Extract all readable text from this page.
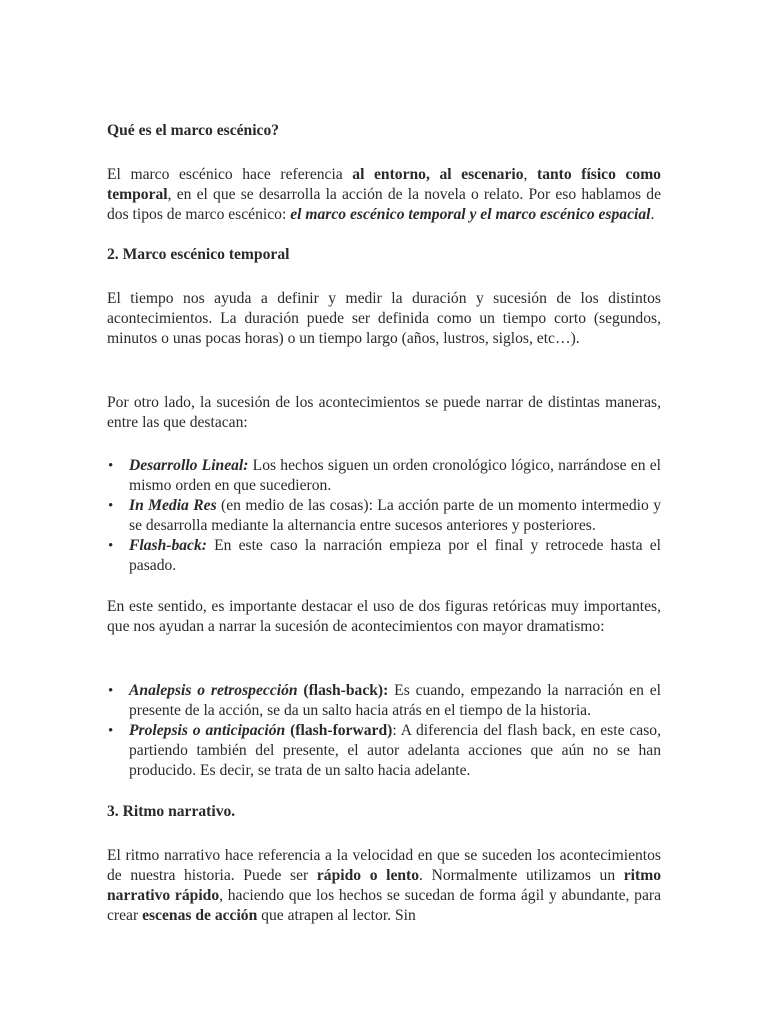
Qué es el marco escénico?

El marco escénico hace referencia al entorno, al escenario, tanto físico como temporal, en el que se desarrolla la acción de la novela o relato. Por eso hablamos de dos tipos de marco escénico: el marco escénico temporal y el marco escénico espacial.

2. Marco escénico temporal

El tiempo nos ayuda a definir y medir la duración y sucesión de los distintos acontecimientos. La duración puede ser definida como un tiempo corto (segundos, minutos o unas pocas horas) o un tiempo largo (años, lustros, siglos, etc…).

Por otro lado, la sucesión de los acontecimientos se puede narrar de distintas maneras, entre las que destacan:

• Desarrollo Lineal: Los hechos siguen un orden cronológico lógico, narrándose en el mismo orden en que sucedieron.
• In Media Res (en medio de las cosas): La acción parte de un momento intermedio y se desarrolla mediante la alternancia entre sucesos anteriores y posteriores.
• Flash-back: En este caso la narración empieza por el final y retrocede hasta el pasado.

En este sentido, es importante destacar el uso de dos figuras retóricas muy importantes, que nos ayudan a narrar la sucesión de acontecimientos con mayor dramatismo:

• Analepsis o retrospección (flash-back): Es cuando, empezando la narración en el presente de la acción, se da un salto hacia atrás en el tiempo de la historia.
• Prolepsis o anticipación (flash-forward): A diferencia del flash back, en este caso, partiendo también del presente, el autor adelanta acciones que aún no se han producido. Es decir, se trata de un salto hacia adelante.

3. Ritmo narrativo.

El ritmo narrativo hace referencia a la velocidad en que se suceden los acontecimientos de nuestra historia. Puede ser rápido o lento. Normalmente utilizamos un ritmo narrativo rápido, haciendo que los hechos se sucedan de forma ágil y abundante, para crear escenas de acción que atrapen al lector. Sin
